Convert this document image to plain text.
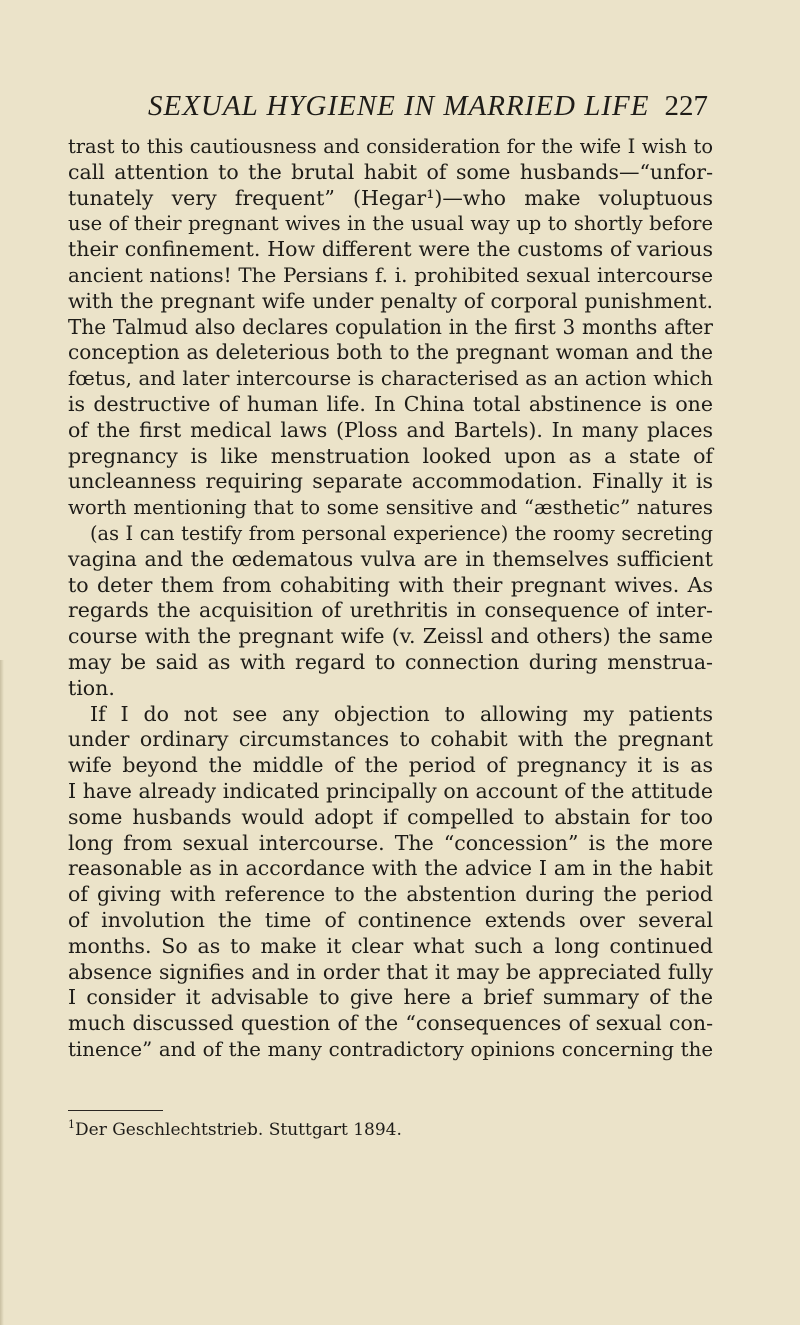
SEXUAL HYGIENE IN MARRIED LIFE 227
trast to this cautiousness and consideration for the wife I wish to
call attention to the brutal habit of some husbands—“unfor-
tunately very frequent” (Hegar¹)—who make voluptuous
use of their pregnant wives in the usual way up to shortly before
their confinement. How different were the customs of various
ancient nations! The Persians f. i. prohibited sexual intercourse
with the pregnant wife under penalty of corporal punishment.
The Talmud also declares copulation in the first 3 months after
conception as deleterious both to the pregnant woman and the
fœtus, and later intercourse is characterised as an action which
is destructive of human life. In China total abstinence is one
of the first medical laws (Ploss and Bartels). In many places
pregnancy is like menstruation looked upon as a state of
uncleanness requiring separate accommodation. Finally it is
worth mentioning that to some sensitive and “æsthetic” natures
(as I can testify from personal experience) the roomy secreting
vagina and the œdematous vulva are in themselves sufficient
to deter them from cohabiting with their pregnant wives. As
regards the acquisition of urethritis in consequence of inter-
course with the pregnant wife (v. Zeissl and others) the same
may be said as with regard to connection during menstrua-
tion.
If I do not see any objection to allowing my patients
under ordinary circumstances to cohabit with the pregnant
wife beyond the middle of the period of pregnancy it is as
I have already indicated principally on account of the attitude
some husbands would adopt if compelled to abstain for too
long from sexual intercourse. The “concession” is the more
reasonable as in accordance with the advice I am in the habit
of giving with reference to the abstention during the period
of involution the time of continence extends over several
months. So as to make it clear what such a long continued
absence signifies and in order that it may be appreciated fully
I consider it advisable to give here a brief summary of the
much discussed question of the “consequences of sexual con-
tinence” and of the many contradictory opinions concerning the
$^1$Der Geschlechtstrieb. Stuttgart 1894.
